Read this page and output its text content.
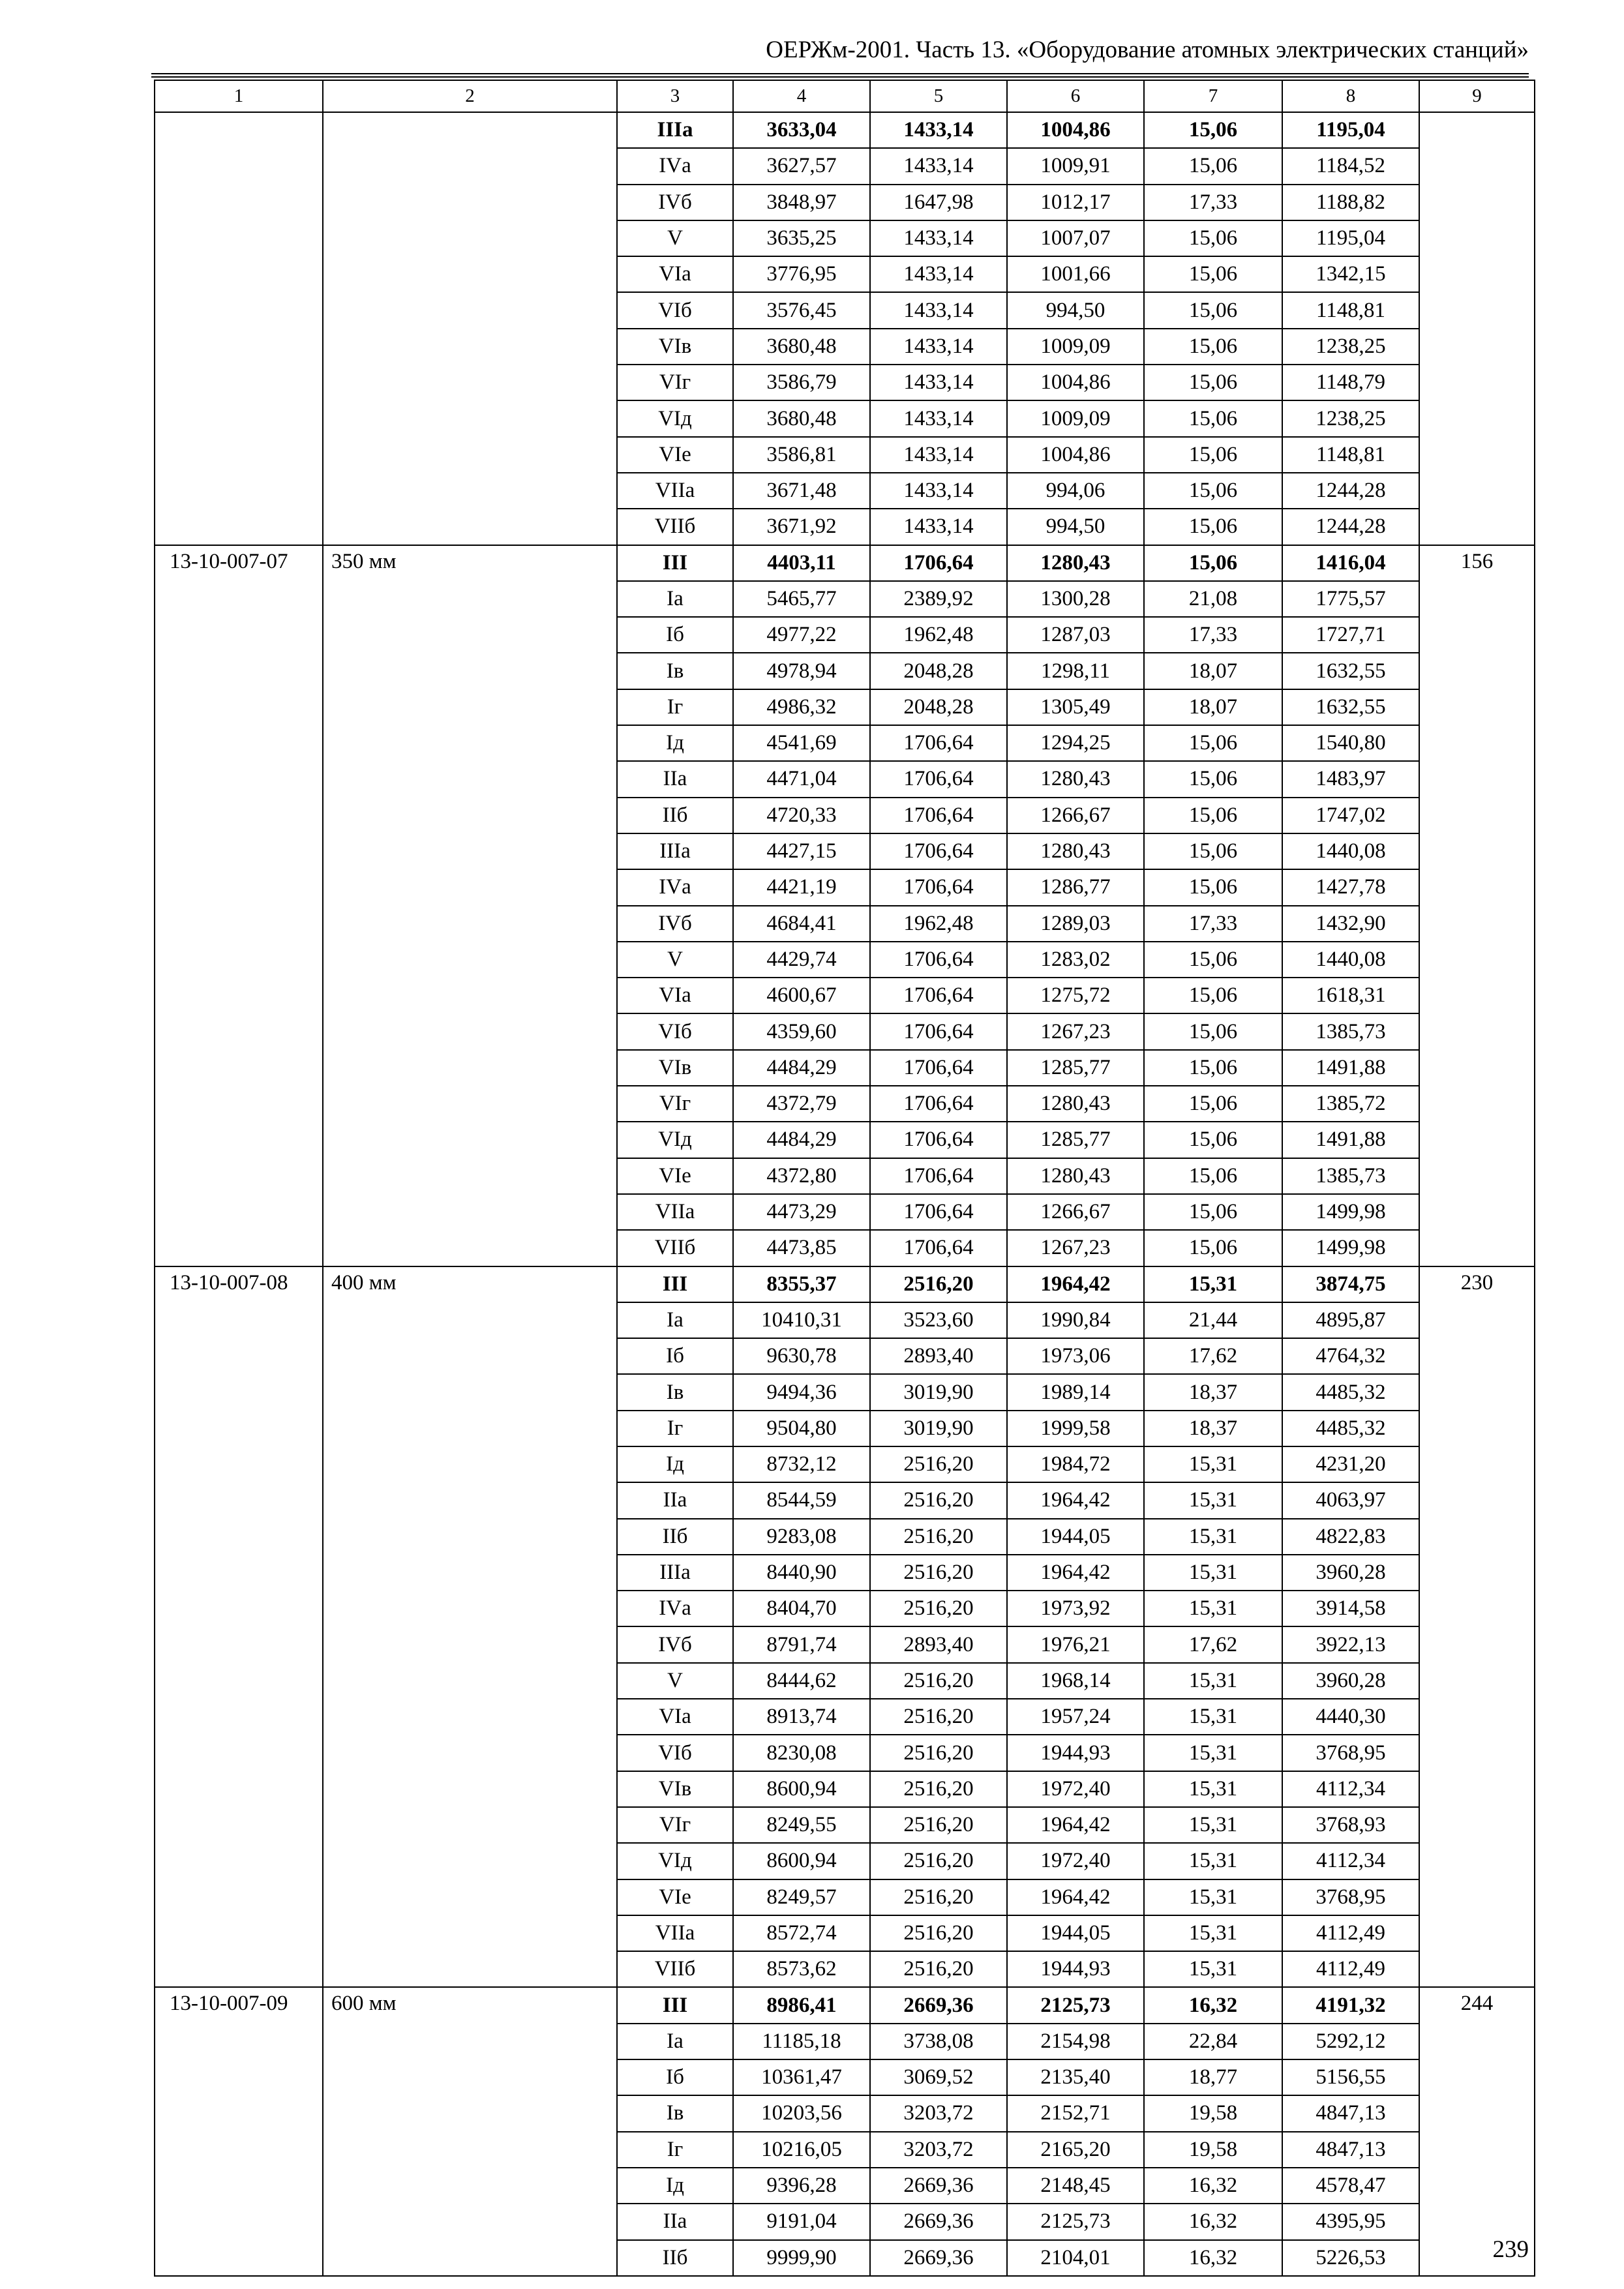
ОЕРЖм-2001. Часть 13. «Оборудование атомных электрических станций»
1	2	3	4	5	6	7	8	9
		IIIа	3633,04	1433,14	1004,86	15,06	1195,04	
		IVа	3627,57	1433,14	1009,91	15,06	1184,52	
		IVб	3848,97	1647,98	1012,17	17,33	1188,82	
		V	3635,25	1433,14	1007,07	15,06	1195,04	
		VIа	3776,95	1433,14	1001,66	15,06	1342,15	
		VIб	3576,45	1433,14	994,50	15,06	1148,81	
		VIв	3680,48	1433,14	1009,09	15,06	1238,25	
		VIг	3586,79	1433,14	1004,86	15,06	1148,79	
		VIд	3680,48	1433,14	1009,09	15,06	1238,25	
		VIе	3586,81	1433,14	1004,86	15,06	1148,81	
		VIIа	3671,48	1433,14	994,06	15,06	1244,28	
		VIIб	3671,92	1433,14	994,50	15,06	1244,28	
13-10-007-07	350 мм	III	4403,11	1706,64	1280,43	15,06	1416,04	156
		Iа	5465,77	2389,92	1300,28	21,08	1775,57	
		Iб	4977,22	1962,48	1287,03	17,33	1727,71	
		Iв	4978,94	2048,28	1298,11	18,07	1632,55	
		Iг	4986,32	2048,28	1305,49	18,07	1632,55	
		Iд	4541,69	1706,64	1294,25	15,06	1540,80	
		IIа	4471,04	1706,64	1280,43	15,06	1483,97	
		IIб	4720,33	1706,64	1266,67	15,06	1747,02	
		IIIа	4427,15	1706,64	1280,43	15,06	1440,08	
		IVа	4421,19	1706,64	1286,77	15,06	1427,78	
		IVб	4684,41	1962,48	1289,03	17,33	1432,90	
		V	4429,74	1706,64	1283,02	15,06	1440,08	
		VIа	4600,67	1706,64	1275,72	15,06	1618,31	
		VIб	4359,60	1706,64	1267,23	15,06	1385,73	
		VIв	4484,29	1706,64	1285,77	15,06	1491,88	
		VIг	4372,79	1706,64	1280,43	15,06	1385,72	
		VIд	4484,29	1706,64	1285,77	15,06	1491,88	
		VIе	4372,80	1706,64	1280,43	15,06	1385,73	
		VIIа	4473,29	1706,64	1266,67	15,06	1499,98	
		VIIб	4473,85	1706,64	1267,23	15,06	1499,98	
13-10-007-08	400 мм	III	8355,37	2516,20	1964,42	15,31	3874,75	230
		Iа	10410,31	3523,60	1990,84	21,44	4895,87	
		Iб	9630,78	2893,40	1973,06	17,62	4764,32	
		Iв	9494,36	3019,90	1989,14	18,37	4485,32	
		Iг	9504,80	3019,90	1999,58	18,37	4485,32	
		Iд	8732,12	2516,20	1984,72	15,31	4231,20	
		IIа	8544,59	2516,20	1964,42	15,31	4063,97	
		IIб	9283,08	2516,20	1944,05	15,31	4822,83	
		IIIа	8440,90	2516,20	1964,42	15,31	3960,28	
		IVа	8404,70	2516,20	1973,92	15,31	3914,58	
		IVб	8791,74	2893,40	1976,21	17,62	3922,13	
		V	8444,62	2516,20	1968,14	15,31	3960,28	
		VIа	8913,74	2516,20	1957,24	15,31	4440,30	
		VIб	8230,08	2516,20	1944,93	15,31	3768,95	
		VIв	8600,94	2516,20	1972,40	15,31	4112,34	
		VIг	8249,55	2516,20	1964,42	15,31	3768,93	
		VIд	8600,94	2516,20	1972,40	15,31	4112,34	
		VIе	8249,57	2516,20	1964,42	15,31	3768,95	
		VIIа	8572,74	2516,20	1944,05	15,31	4112,49	
		VIIб	8573,62	2516,20	1944,93	15,31	4112,49	
13-10-007-09	600 мм	III	8986,41	2669,36	2125,73	16,32	4191,32	244
		Iа	11185,18	3738,08	2154,98	22,84	5292,12	
		Iб	10361,47	3069,52	2135,40	18,77	5156,55	
		Iв	10203,56	3203,72	2152,71	19,58	4847,13	
		Iг	10216,05	3203,72	2165,20	19,58	4847,13	
		Iд	9396,28	2669,36	2148,45	16,32	4578,47	
		IIа	9191,04	2669,36	2125,73	16,32	4395,95	
		IIб	9999,90	2669,36	2104,01	16,32	5226,53		239
